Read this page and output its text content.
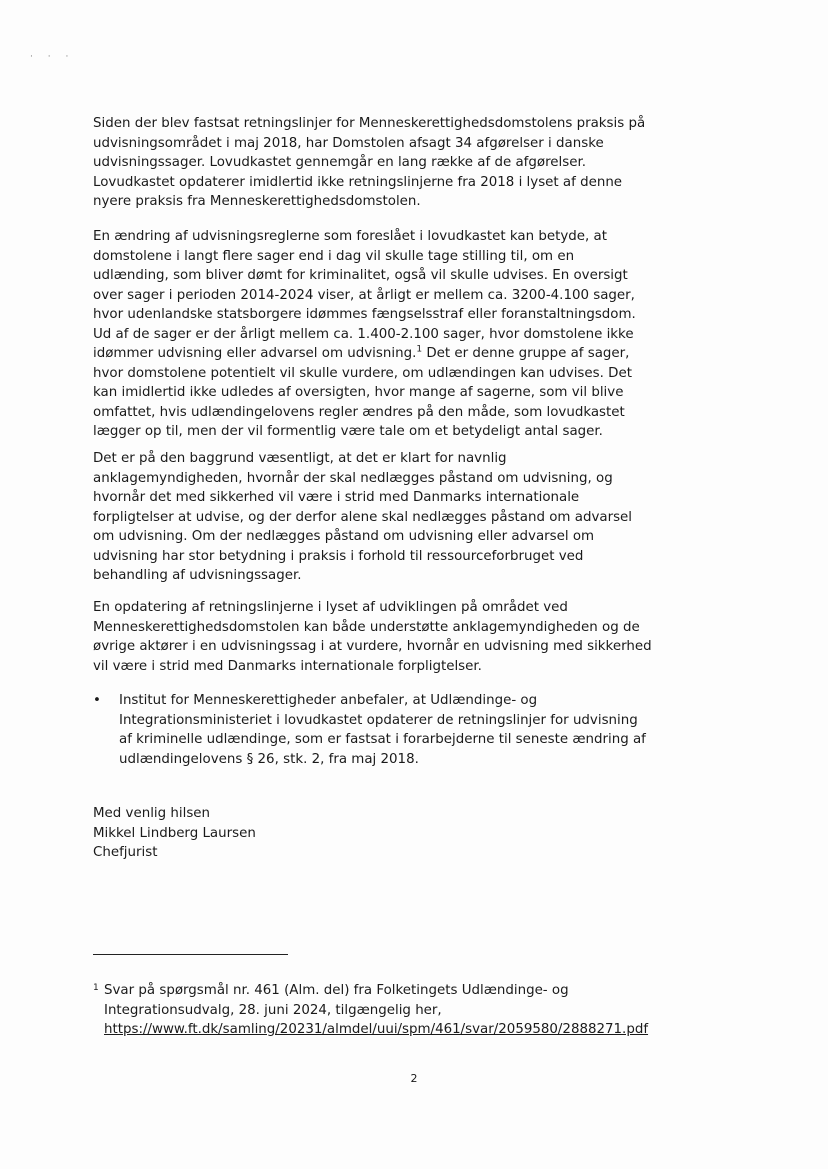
· · ·

Siden der blev fastsat retningslinjer for Menneskerettighedsdomstolens praksis på udvisningsområdet i maj 2018, har Domstolen afsagt 34 afgørelser i danske udvisningssager. Lovudkastet gennemgår en lang række af de afgørelser. Lovudkastet opdaterer imidlertid ikke retningslinjerne fra 2018 i lyset af denne nyere praksis fra Menneskerettighedsdomstolen.

En ændring af udvisningsreglerne som foreslået i lovudkastet kan betyde, at domstolene i langt flere sager end i dag vil skulle tage stilling til, om en udlænding, som bliver dømt for kriminalitet, også vil skulle udvises. En oversigt over sager i perioden 2014-2024 viser, at årligt er mellem ca. 3200-4.100 sager, hvor udenlandske statsborgere idømmes fængselsstraf eller foranstaltningsdom. Ud af de sager er der årligt mellem ca. 1.400-2.100 sager, hvor domstolene ikke idømmer udvisning eller advarsel om udvisning.$^1$ Det er denne gruppe af sager, hvor domstolene potentielt vil skulle vurdere, om udlændingen kan udvises. Det kan imidlertid ikke udledes af oversigten, hvor mange af sagerne, som vil blive omfattet, hvis udlændingelovens regler ændres på den måde, som lovudkastet lægger op til, men der vil formentlig være tale om et betydeligt antal sager.

Det er på den baggrund væsentligt, at det er klart for navnlig anklagemyndigheden, hvornår der skal nedlægges påstand om udvisning, og hvornår det med sikkerhed vil være i strid med Danmarks internationale forpligtelser at udvise, og der derfor alene skal nedlægges påstand om advarsel om udvisning. Om der nedlægges påstand om udvisning eller advarsel om udvisning har stor betydning i praksis i forhold til ressourceforbruget ved behandling af udvisningssager.

En opdatering af retningslinjerne i lyset af udviklingen på området ved Menneskerettighedsdomstolen kan både understøtte anklagemyndigheden og de øvrige aktører i en udvisningssag i at vurdere, hvornår en udvisning med sikkerhed vil være i strid med Danmarks internationale forpligtelser.

•	Institut for Menneskerettigheder anbefaler, at Udlændinge- og Integrationsministeriet i lovudkastet opdaterer de retningslinjer for udvisning af kriminelle udlændinge, som er fastsat i forarbejderne til seneste ændring af udlændingelovens § 26, stk. 2, fra maj 2018.
Med venlig hilsen
Mikkel Lindberg Laursen
Chefjurist
1 Svar på spørgsmål nr. 461 (Alm. del) fra Folketingets Udlændinge- og Integrationsudvalg, 28. juni 2024, tilgængelig her,
https://www.ft.dk/samling/20231/almdel/uui/spm/461/svar/2059580/2888271.pdf
2
